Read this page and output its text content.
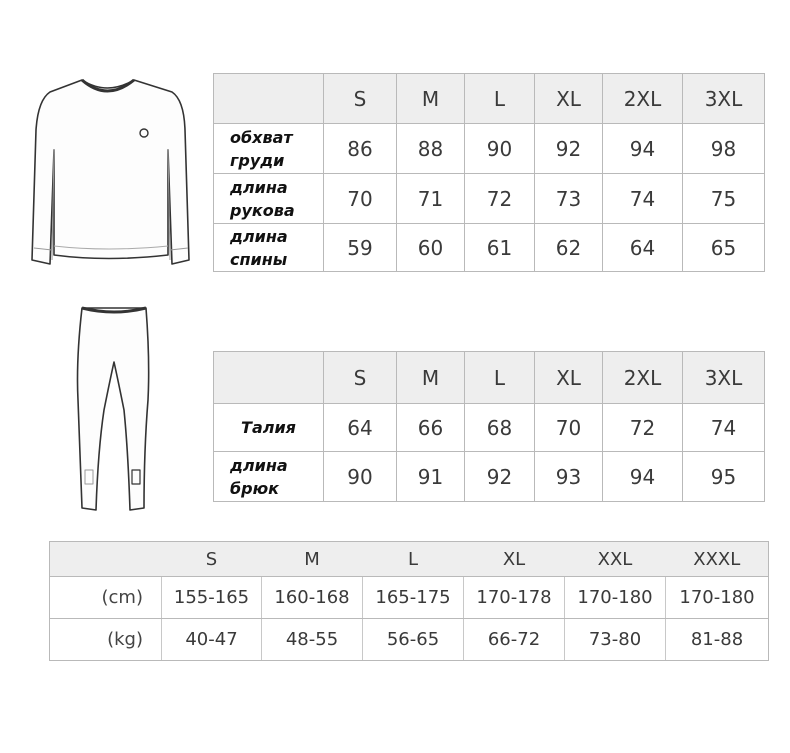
	S	M	L	XL	2XL	3XL
обхват груди	86	88	90	92	94	98
длина рукова	70	71	72	73	74	75
длина спины	59	60	61	62	64	65
	S	M	L	XL	2XL	3XL
Талия	64	66	68	70	72	74
длина брюк	90	91	92	93	94	95
	S	M	L	XL	XXL	XXXL
(cm)	155-165	160-168	165-175	170-178	170-180	170-180
(kg)	40-47	48-55	56-65	66-72	73-80	81-88
